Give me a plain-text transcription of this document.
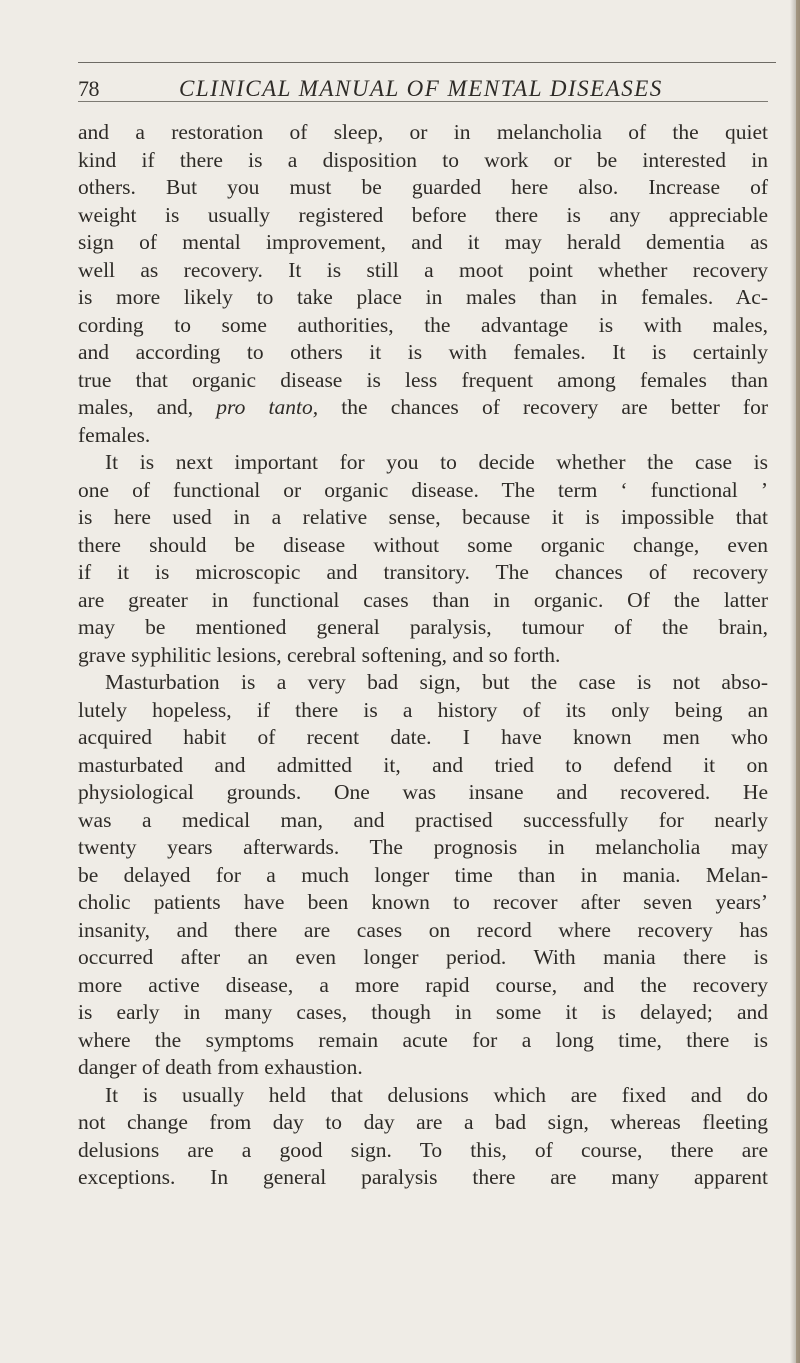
78	CLINICAL MANUAL OF MENTAL DISEASES
and a restoration of sleep, or in melancholia of the quiet
kind if there is a disposition to work or be interested in
others. But you must be guarded here also. Increase of
weight is usually registered before there is any appreciable
sign of mental improvement, and it may herald dementia as
well as recovery. It is still a moot point whether recovery
is more likely to take place in males than in females. Ac-
cording to some authorities, the advantage is with males,
and according to others it is with females. It is certainly
true that organic disease is less frequent among females than
males, and, pro tanto, the chances of recovery are better for
females.
It is next important for you to decide whether the case is
one of functional or organic disease. The term ‘ functional ’
is here used in a relative sense, because it is impossible that
there should be disease without some organic change, even
if it is microscopic and transitory. The chances of recovery
are greater in functional cases than in organic. Of the latter
may be mentioned general paralysis, tumour of the brain,
grave syphilitic lesions, cerebral softening, and so forth.
Masturbation is a very bad sign, but the case is not abso-
lutely hopeless, if there is a history of its only being an
acquired habit of recent date. I have known men who
masturbated and admitted it, and tried to defend it on
physiological grounds. One was insane and recovered. He
was a medical man, and practised successfully for nearly
twenty years afterwards. The prognosis in melancholia may
be delayed for a much longer time than in mania. Melan-
cholic patients have been known to recover after seven years’
insanity, and there are cases on record where recovery has
occurred after an even longer period. With mania there is
more active disease, a more rapid course, and the recovery
is early in many cases, though in some it is delayed; and
where the symptoms remain acute for a long time, there is
danger of death from exhaustion.
It is usually held that delusions which are fixed and do
not change from day to day are a bad sign, whereas fleeting
delusions are a good sign. To this, of course, there are
exceptions. In general paralysis there are many apparent
